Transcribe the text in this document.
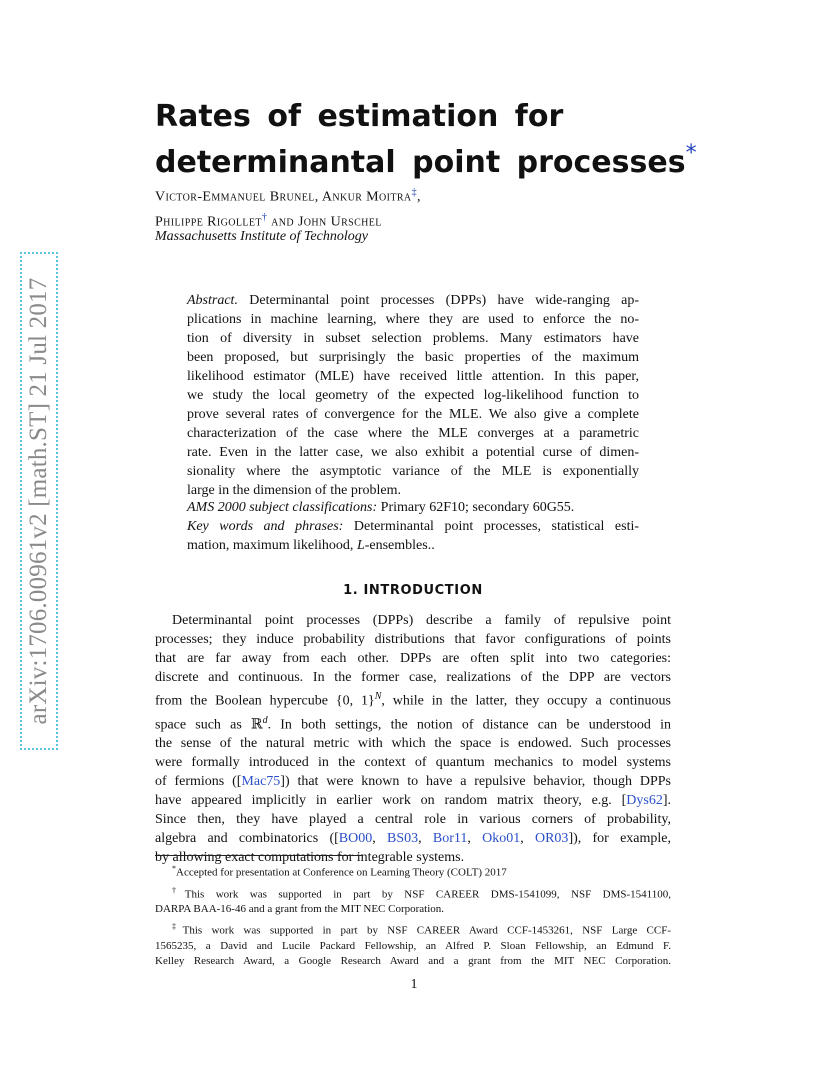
arXiv:1706.00961v2 [math.ST] 21 Jul 2017
Rates of estimation for
determinantal point processes*
Victor-Emmanuel Brunel, Ankur Moitra‡,
Philippe Rigollet† and John Urschel
Massachusetts Institute of Technology
Abstract. Determinantal point processes (DPPs) have wide-ranging ap-
plications in machine learning, where they are used to enforce the no-
tion of diversity in subset selection problems. Many estimators have
been proposed, but surprisingly the basic properties of the maximum
likelihood estimator (MLE) have received little attention. In this paper,
we study the local geometry of the expected log-likelihood function to
prove several rates of convergence for the MLE. We also give a complete
characterization of the case where the MLE converges at a parametric
rate. Even in the latter case, we also exhibit a potential curse of dimen-
sionality where the asymptotic variance of the MLE is exponentially
large in the dimension of the problem.
AMS 2000 subject classifications: Primary 62F10; secondary 60G55.
Key words and phrases: Determinantal point processes, statistical esti-
mation, maximum likelihood, L-ensembles..
1. INTRODUCTION
Determinantal point processes (DPPs) describe a family of repulsive point
processes; they induce probability distributions that favor configurations of points
that are far away from each other. DPPs are often split into two categories:
discrete and continuous. In the former case, realizations of the DPP are vectors
from the Boolean hypercube {0, 1}$^N$, while in the latter, they occupy a continuous
space such as ℝ$^d$. In both settings, the notion of distance can be understood in
the sense of the natural metric with which the space is endowed. Such processes
were formally introduced in the context of quantum mechanics to model systems
of fermions ([Mac75]) that were known to have a repulsive behavior, though DPPs
have appeared implicitly in earlier work on random matrix theory, e.g. [Dys62].
Since then, they have played a central role in various corners of probability,
algebra and combinatorics ([BO00, BS03, Bor11, Oko01, OR03]), for example,
by allowing exact computations for integrable systems.
*Accepted for presentation at Conference on Learning Theory (COLT) 2017
†This work was supported in part by NSF CAREER DMS-1541099, NSF DMS-1541100,
DARPA BAA-16-46 and a grant from the MIT NEC Corporation.
‡This work was supported in part by NSF CAREER Award CCF-1453261, NSF Large CCF-
1565235, a David and Lucile Packard Fellowship, an Alfred P. Sloan Fellowship, an Edmund F.
Kelley Research Award, a Google Research Award and a grant from the MIT NEC Corporation.
1
